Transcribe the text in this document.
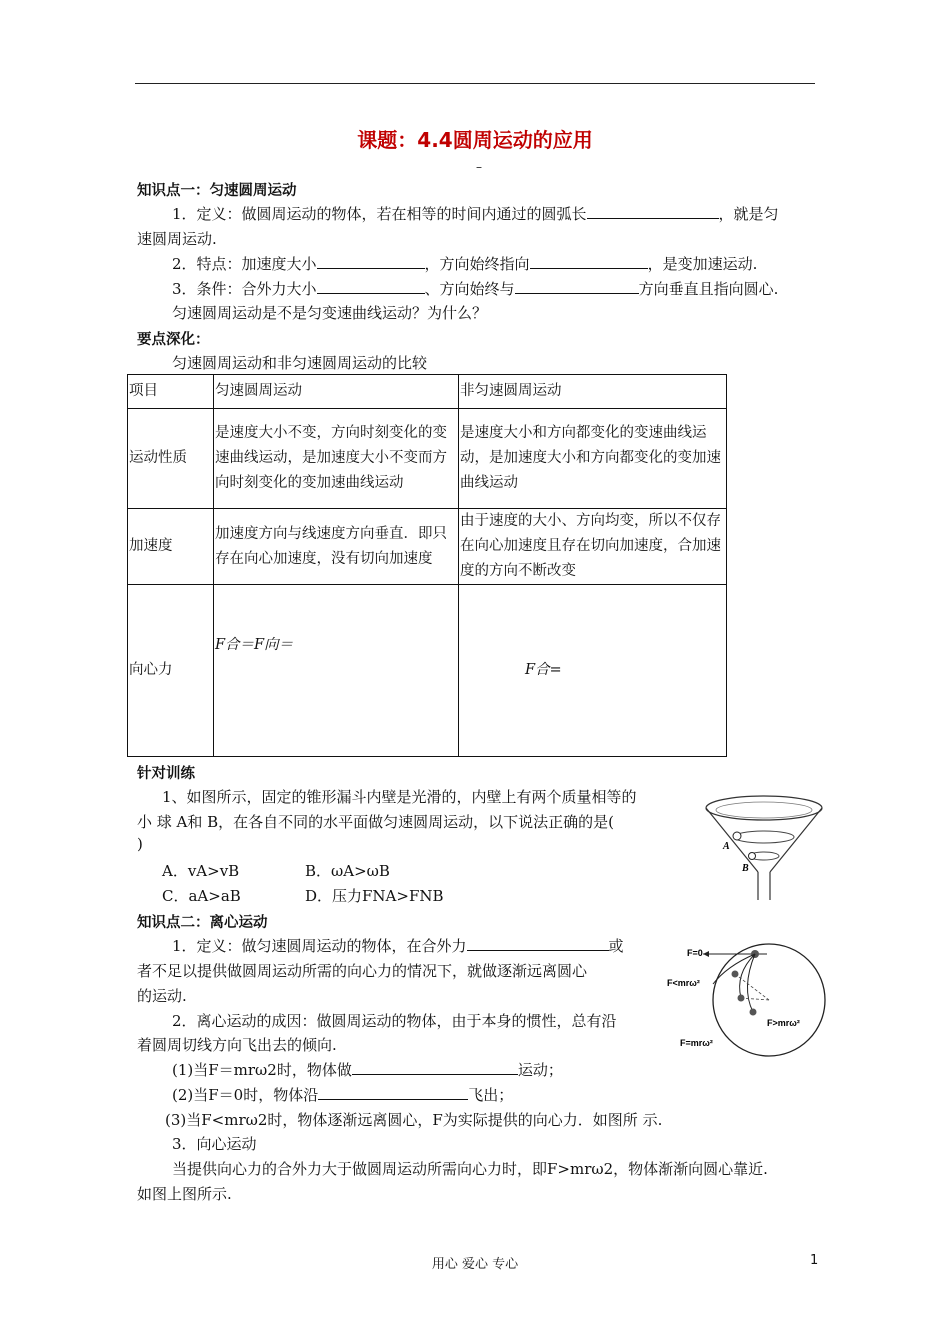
课题：4.4圆周运动的应用
–
知识点一：匀速圆周运动
1．定义：做圆周运动的物体，若在相等的时间内通过的圆弧长	，就是匀
速圆周运动.
2．特点：加速度大小	，方向始终指向	，是变加速运动.
3．条件：合外力大小	、方向始终与	方向垂直且指向圆心.
匀速圆周运动是不是匀变速曲线运动？为什么？
要点深化：
匀速圆周运动和非匀速圆周运动的比较
项目	匀速圆周运动	非匀速圆周运动
运动性质	是速度大小不变，方向时刻变化的变速曲线运动，是加速度大小不变而方向时刻变化的变加速曲线运动	是速度大小和方向都变化的变速曲线运动，是加速度大小和方向都变化的变加速曲线运动
加速度	加速度方向与线速度方向垂直．即只存在向心加速度，没有切向加速度	由于速度的大小、方向均变，所以不仅存在向心加速度且存在切向加速度，合加速度的方向不断改变
向心力	F合＝F向＝	F合=
针对训练
1、如图所示，固定的锥形漏斗内壁是光滑的，内壁上有两个质量相等的
小 球 A和 B，在各自不同的水平面做匀速圆周运动，以下说法正确的是(
)
A．vA>vB	B．ωA>ωB
C．aA>aB	D．压力FNA>FNB
A
B
知识点二：离心运动
1．定义：做匀速圆周运动的物体，在合外力	或
者不足以提供做圆周运动所需的向心力的情况下，就做逐渐远离圆心
的运动.
2．离心运动的成因：做圆周运动的物体，由于本身的惯性，总有沿
着圆周切线方向飞出去的倾向.
(1)当F＝mrω2时，物体做	运动；
(2)当F＝0时，物体沿	飞出；
(3)当F<mrω2时，物体逐渐远离圆心，F为实际提供的向心力．如图所 示.
3．向心运动
当提供向心力的合外力大于做圆周运动所需向心力时，即F>mrω2，物体渐渐向圆心靠近.
如图上图所示.
F=0
F<mrω²
F>mrω²
F=mrω²
用心 爱心 专心	1
